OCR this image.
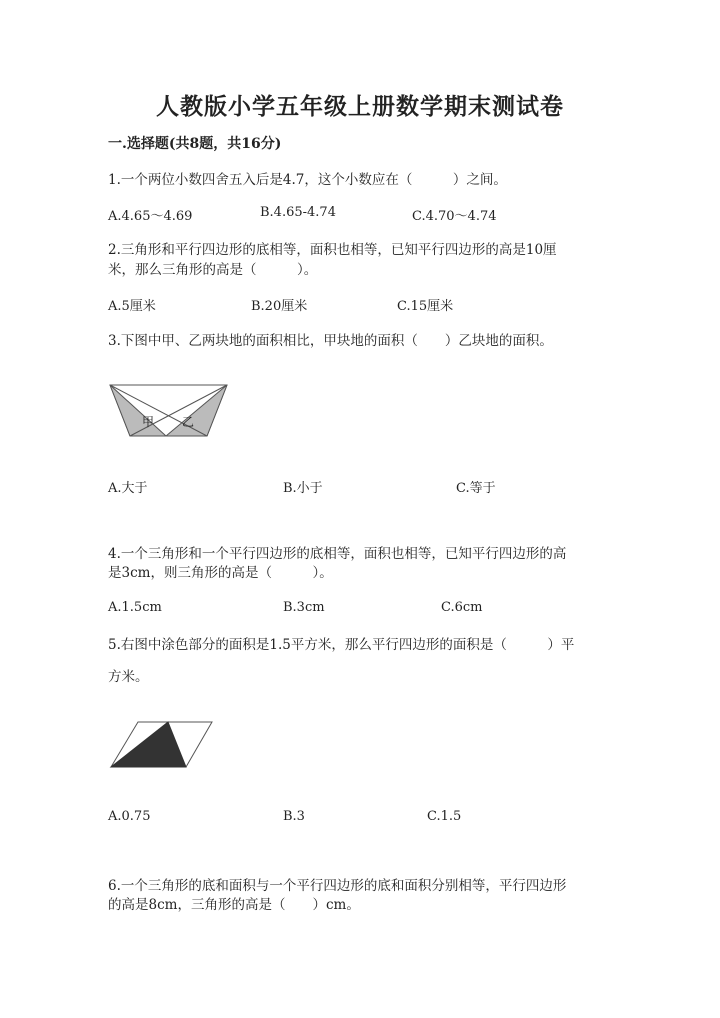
人教版小学五年级上册数学期末测试卷
一.选择题(共8题，共16分)
1.一个两位小数四舍五入后是4.7，这个小数应在（　　　）之间。
A.4.65～4.69	B.4.65-4.74	C.4.70～4.74
2.三角形和平行四边形的底相等，面积也相等，已知平行四边形的高是10厘
米，那么三角形的高是（　　　）。
A.5厘米	B.20厘米	C.15厘米
3.下图中甲、乙两块地的面积相比，甲块地的面积（　　）乙块地的面积。
甲 乙
A.大于	B.小于	C.等于
4.一个三角形和一个平行四边形的底相等，面积也相等，已知平行四边形的高
是3cm，则三角形的高是（　　　）。
A.1.5cm	B.3cm	C.6cm
5.右图中涂色部分的面积是1.5平方米，那么平行四边形的面积是（　　　）平
方米。
A.0.75	B.3	C.1.5
6.一个三角形的底和面积与一个平行四边形的底和面积分别相等，平行四边形
的高是8cm，三角形的高是（　　）cm。
